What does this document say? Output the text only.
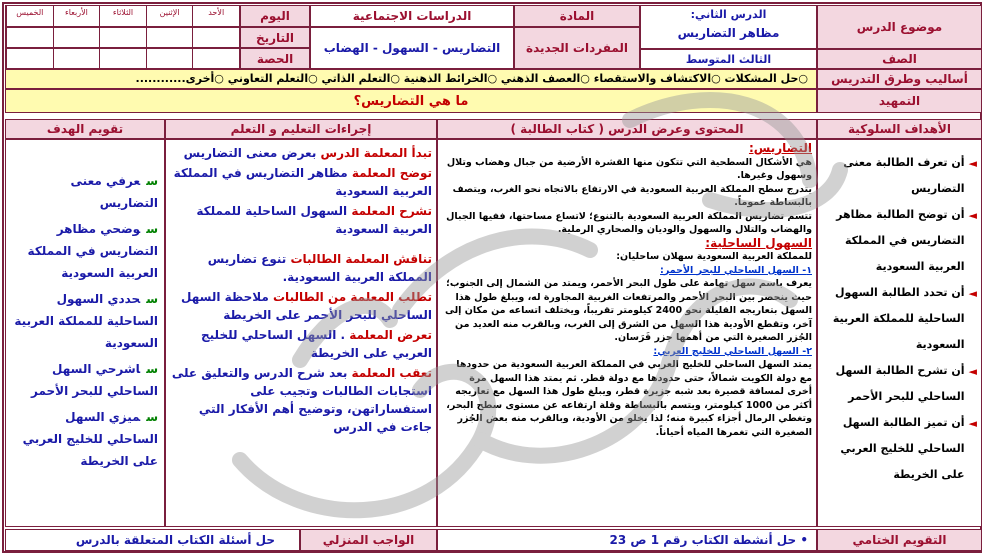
موضوع الدرس
الدرس الثاني:
مظاهر التضاريس
المادة
الدراسات الاجتماعية
اليوم
الأحد
الإثنين
الثلاثاء
الأربعاء
الخميس
المفردات الجديدة
التضاريس - السهول - الهضاب
التاريخ
الحصة	الصف
الثالث المتوسط
أساليب وطرق التدريس
○حل المشكلات ○الاكتشاف والاستقصاء ○العصف الذهني ○الخرائط الذهنية ○التعلم الذاتي ○التعلم التعاوني ○أخرى............
التمهيد
ما هي التضاريس؟
الأهداف السلوكية
المحتوى وعرض الدرس ( كتاب الطالبة )
إجراءات التعليم و التعلم
تقويم الهدف
◄
أن تعرف الطالبة معنى التضاريس
◄
أن توضح الطالبة مظاهر التضاريس في المملكة العربية السعودية
◄
أن تحدد الطالبة السهول الساحلية للمملكة العربية السعودية
◄
أن تشرح الطالبة السهل الساحلي للبحر الأحمر
◄
أن تميز الطالبة السهل الساحلي للخليج العربي على الخريطة
التضاريس:
هي الأشكال السطحية التي تتكون منها القشرة الأرضية من جبال وهضاب وتلال وسهول وغيرها.
يتدرج سطح المملكة العربية السعودية في الارتفاع بالاتجاه نحو الغرب، ويتصف بالبساطة عموماً.
تتسم تضاريس المملكة العربية السعودية بالتنوع؛ لاتساع مساحتها، ففيها الجبال والهضاب والتلال والسهول والوديان والصحاري الرملية.
السهول الساحلية:
للمملكة العربية السعودية سهلان ساحليان:
١- السهل الساحلي للبحر الأحمر:
يعرف باسم سهل تهامة على طول البحر الأحمر، ويمتد من الشمال إلى الجنوب؛ حيث ينحصر بين البحر الأحمر والمرتفعات الغربية المجاورة له، ويبلغ طول هذا السهل بتعاريجه القليلة نحو 2400 كيلومتر تقريباً، ويختلف اتساعه من مكان إلى آخر، وتقطع الأودية هذا السهل من الشرق إلى الغرب، وبالقرب منه العديد من الجُزر الصغيرة التي من أهمها جزر فَرَسان.
٢- السهل الساحلي للخليج العربي:
يمتد السهل الساحلي للخليج العربي في المملكة العربية السعودية من حدودها مع دولة الكويت شمالاً، حتى حدودها مع دولة قطر. ثم يمتد هذا السهل مرة أخرى لمسافة قصيرة بعد شبه جزيرة قطر، ويبلغ طول هذا السهل مع تعاريجه أكثر من 1000 كيلومتر، ويتسم بالبساطة وقلة ارتفاعه عن مستوى سطح البحر، وتغطي الرمال أجزاء كبيرة منه؛ لذا يخلو من الأودية، وبالقرب منه بعض الجُزر الصغيرة التي تغمرها المياه أحياناً.

تبدأ المعلمة الدرس بعرض معنى التضاريس

توضح المعلمة مظاهر التضاريس في المملكة العربية السعودية

تشرح المعلمة السهول الساحلية للمملكة العربية السعودية

تناقش المعلمة الطالبات تنوع تضاريس المملكة العربية السعودية.

تطلب المعلمة من الطالبات ملاحظة السهل الساحلي للبحر الأحمر على الخريطة

تعرض المعلمة . السهل الساحلي للخليج العربي على الخريطة

تعقب المعلمة بعد شرح الدرس والتعليق على استجابات الطالبات وتجيب على استفساراتهن، وتوضيح أهم الأفكار التي جاءت في الدرس

سعرفي معنى التضاريس
سوضحي مظاهر التضاريس في المملكة العربية السعودية
سحددي السهول الساحلية للمملكة العربية السعودية
ساشرحي السهل الساحلي للبحر الأحمر
سميزي السهل الساحلي للخليج العربي على الخريطة
التقويم الختامي
• حل أنشطة الكتاب رقم 1 ص 23
الواجب المنزلي
حل أسئلة الكتاب المتعلقة بالدرس
